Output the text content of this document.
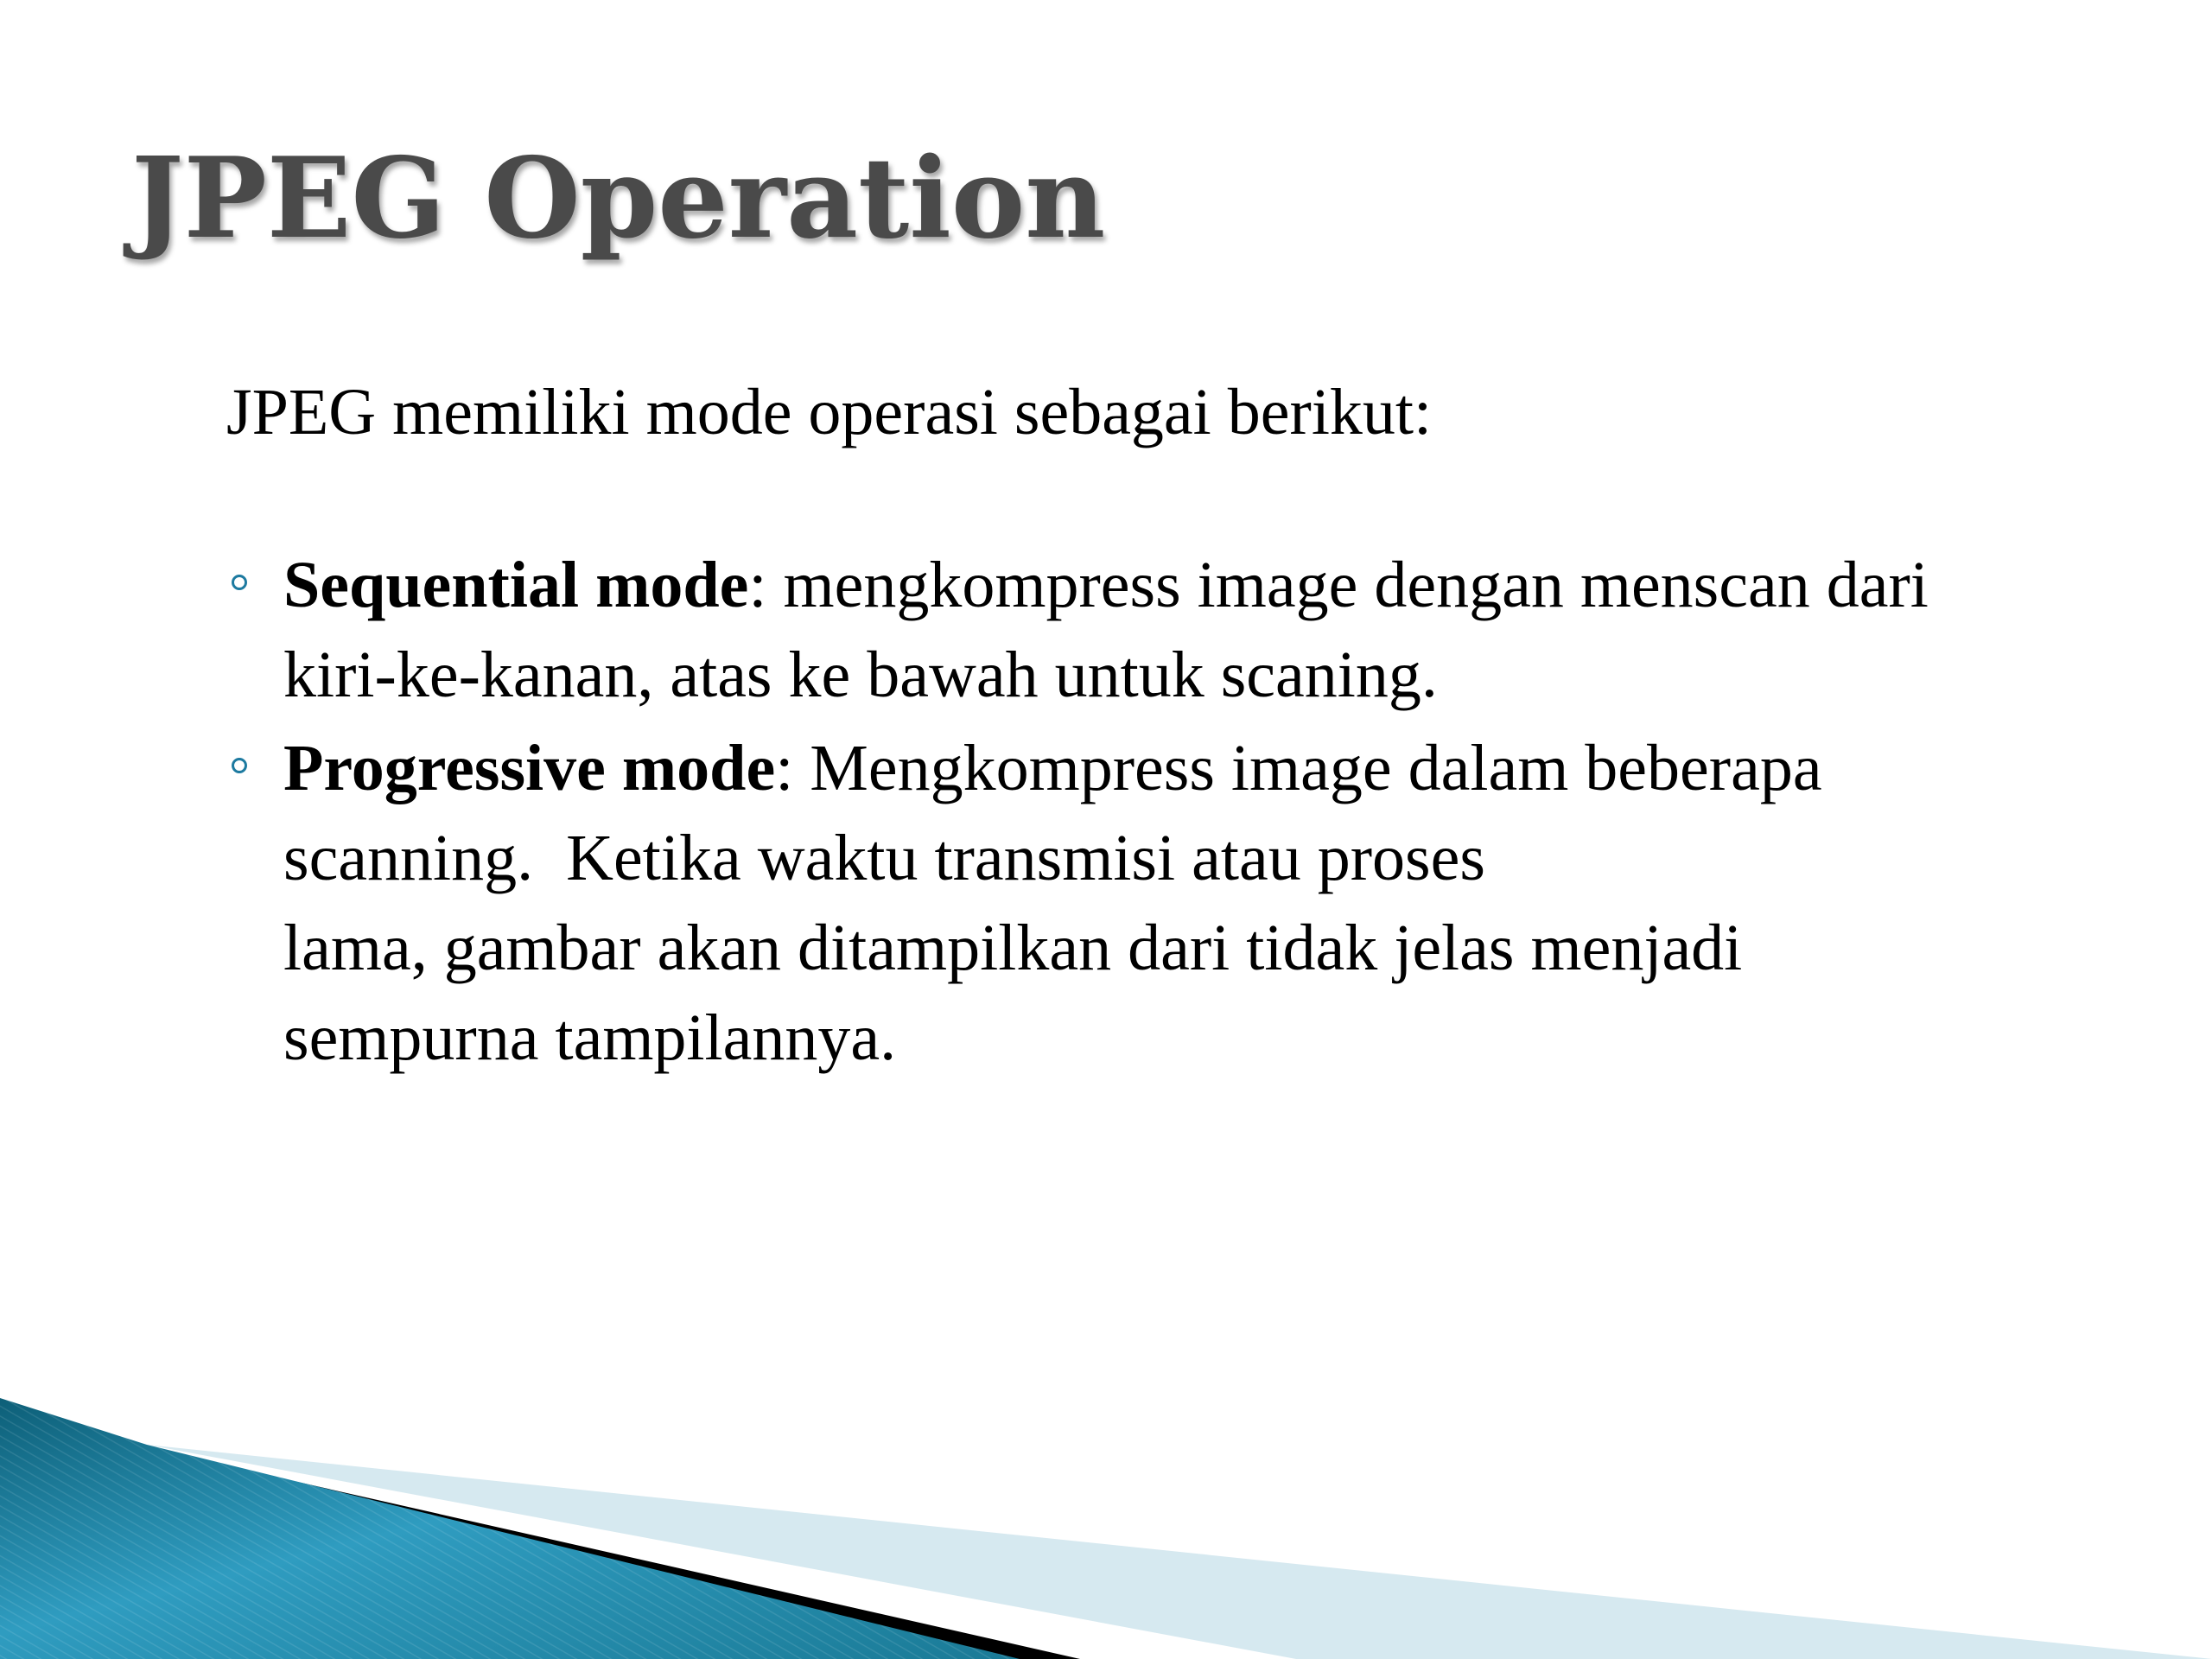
JPEG Operation

JPEG memiliki mode operasi sebagai berikut:

Sequential mode: mengkompress image dengan menscan dari
kiri-ke-kanan, atas ke bawah untuk scaning.
Progressive mode: Mengkompress image dalam beberapa
scanning.  Ketika waktu transmisi atau proses
lama, gambar akan ditampilkan dari tidak jelas menjadi
sempurna tampilannya.
